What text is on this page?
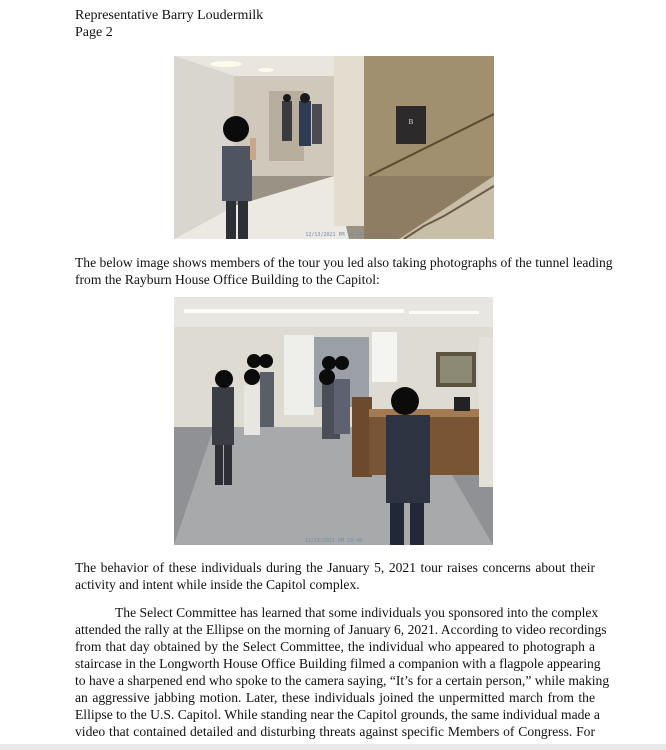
Representative Barry Loudermilk
Page 2
B
12/13/2021 PM 10:43
The below image shows members of the tour you led also taking photographs of the tunnel leading
from the Rayburn House Office Building to the Capitol:
12/13/2021 PM 10:44
The behavior of these individuals during the January 5, 2021 tour raises concerns about their
activity and intent while inside the Capitol complex.
The Select Committee has learned that some individuals you sponsored into the complex
attended the rally at the Ellipse on the morning of January 6, 2021. According to video recordings
from that day obtained by the Select Committee, the individual who appeared to photograph a
staircase in the Longworth House Office Building filmed a companion with a flagpole appearing
to have a sharpened end who spoke to the camera saying, “It’s for a certain person,” while making
an aggressive jabbing motion. Later, these individuals joined the unpermitted march from the
Ellipse to the U.S. Capitol. While standing near the Capitol grounds, the same individual made a
video that contained detailed and disturbing threats against specific Members of Congress. For
